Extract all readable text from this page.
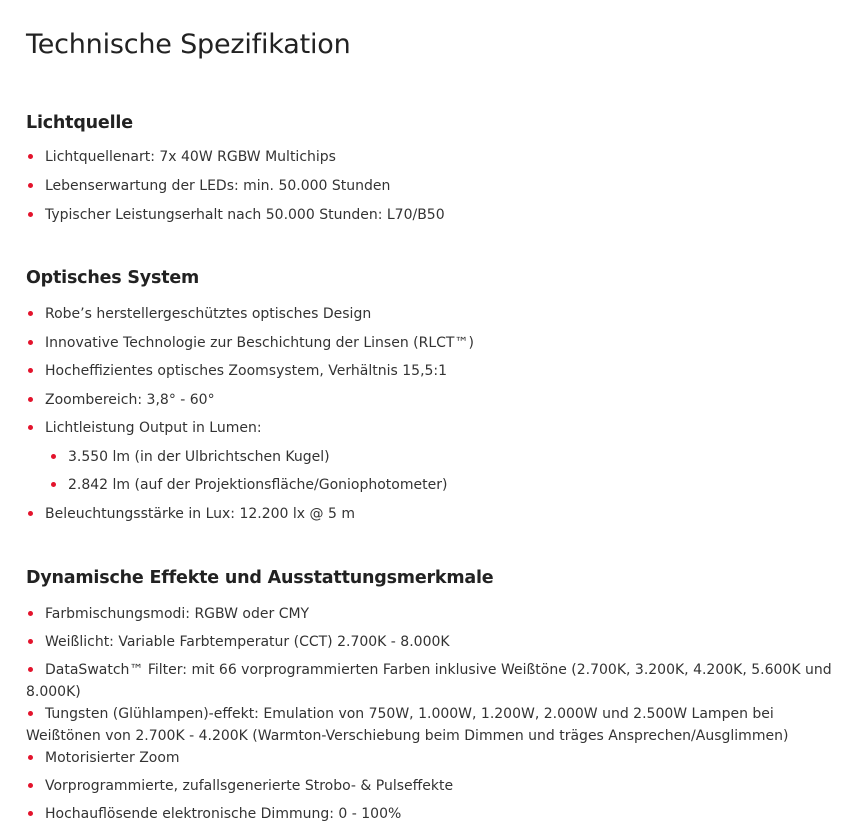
Technische Spezifikation
Lichtquelle
Lichtquellenart: 7x 40W RGBW Multichips
Lebenserwartung der LEDs: min. 50.000 Stunden
Typischer Leistungserhalt nach 50.000 Stunden: L70/B50
Optisches System
Robe’s herstellergeschütztes optisches Design
Innovative Technologie zur Beschichtung der Linsen (RLCT™)
Hocheffizientes optisches Zoomsystem, Verhältnis 15,5:1
Zoombereich: 3,8° - 60°
Lichtleistung Output in Lumen:
3.550 lm (in der Ulbrichtschen Kugel)
2.842 lm (auf der Projektionsfläche/Goniophotometer)
Beleuchtungsstärke in Lux: 12.200 lx @ 5 m
Dynamische Effekte und Ausstattungsmerkmale
Farbmischungsmodi: RGBW oder CMY
Weißlicht: Variable Farbtemperatur (CCT) 2.700K - 8.000K
DataSwatch™ Filter: mit 66 vorprogrammierten Farben inklusive Weißtöne (2.700K, 3.200K, 4.200K, 5.600K und 8.000K)
Tungsten (Glühlampen)-effekt: Emulation von 750W, 1.000W, 1.200W, 2.000W und 2.500W Lampen bei Weißtönen von 2.700K - 4.200K (Warmton-Verschiebung beim Dimmen und träges Ansprechen/Ausglimmen)
Motorisierter Zoom
Vorprogrammierte, zufallsgenerierte Strobo- & Pulseffekte
Hochauflösende elektronische Dimmung: 0 - 100%
